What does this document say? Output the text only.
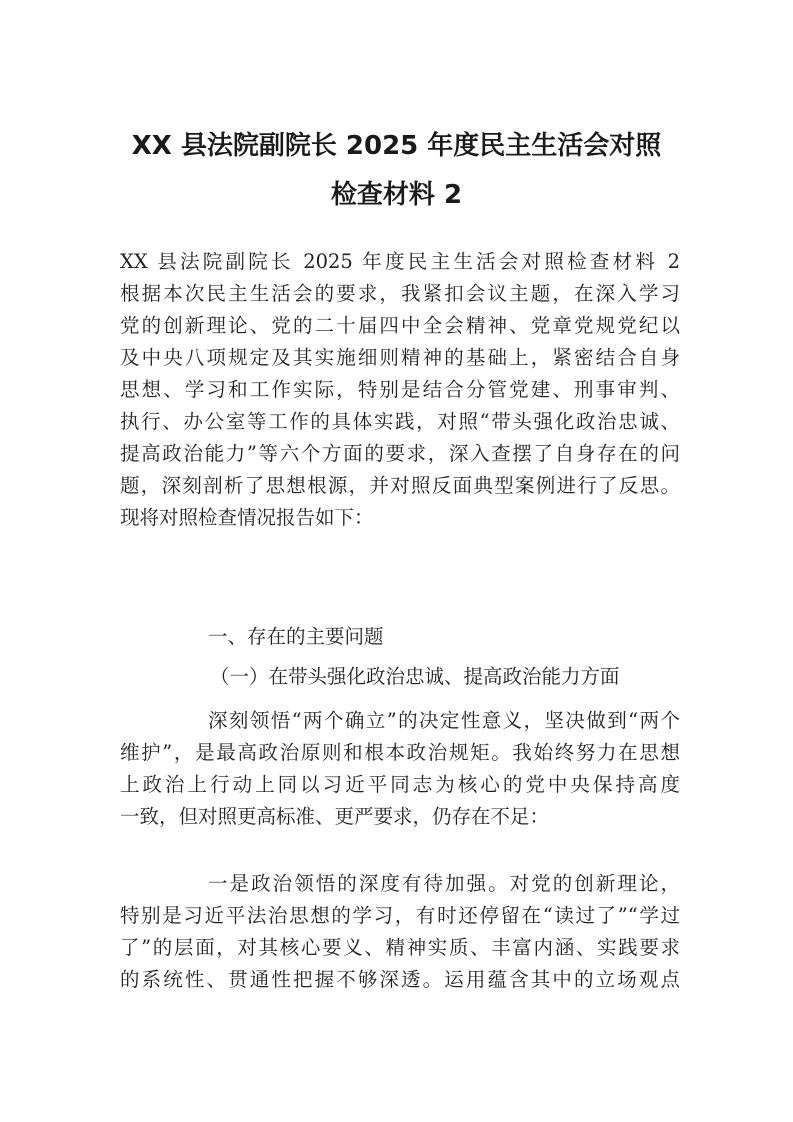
XX 县法院副院长 2025 年度民主生活会对照
检查材料 2
XX 县法院副院长 2025 年度民主生活会对照检查材料 2
根据本次民主生活会的要求，我紧扣会议主题，在深入学习
党的创新理论、党的二十届四中全会精神、党章党规党纪以
及中央八项规定及其实施细则精神的基础上，紧密结合自身
思想、学习和工作实际，特别是结合分管党建、刑事审判、
执行、办公室等工作的具体实践，对照“带头强化政治忠诚、
提高政治能力”等六个方面的要求，深入查摆了自身存在的问
题，深刻剖析了思想根源，并对照反面典型案例进行了反思。
现将对照检查情况报告如下：
一、存在的主要问题
（一）在带头强化政治忠诚、提高政治能力方面
深刻领悟“两个确立”的决定性意义，坚决做到“两个
维护”，是最高政治原则和根本政治规矩。我始终努力在思想
上政治上行动上同以习近平同志为核心的党中央保持高度
一致，但对照更高标准、更严要求，仍存在不足：
一是政治领悟的深度有待加强。对党的创新理论，
特别是习近平法治思想的学习，有时还停留在“读过了”“学过
了”的层面，对其核心要义、精神实质、丰富内涵、实践要求
的系统性、贯通性把握不够深透。运用蕴含其中的立场观点
